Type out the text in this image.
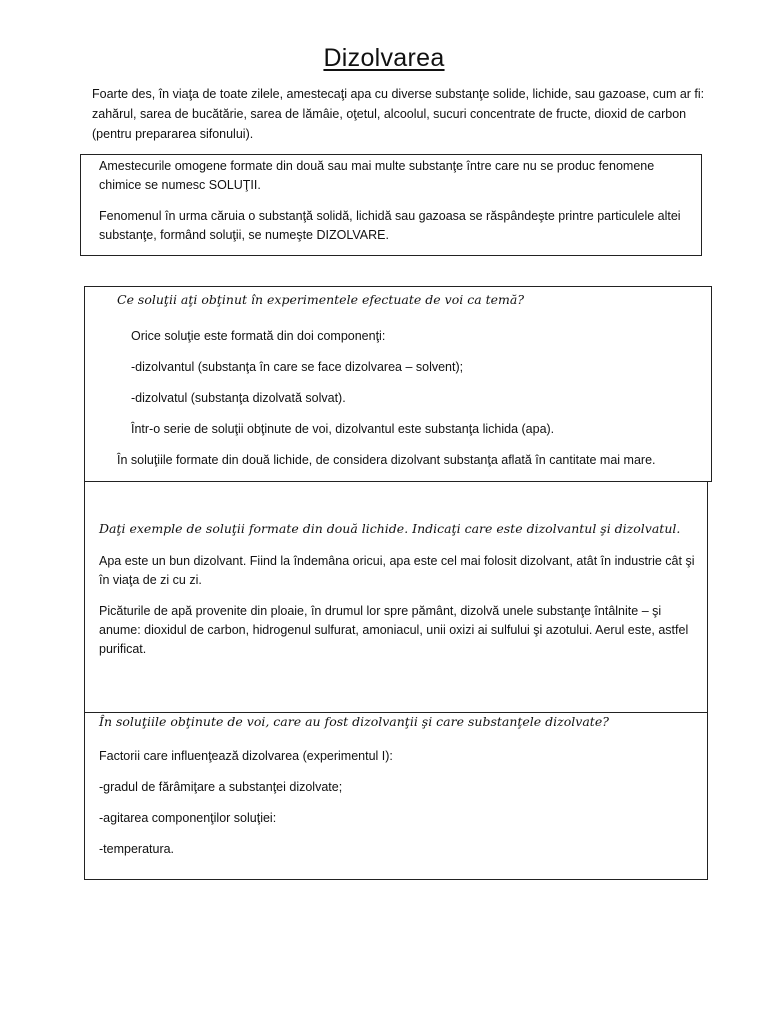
Dizolvarea
Foarte des, în viaţa de toate zilele, amestecaţi apa cu diverse substanţe solide, lichide, sau gazoase, cum ar fi: zahărul, sarea de bucătărie, sarea de lămâie, oţetul, alcoolul, sucuri concentrate de fructe, dioxid de carbon (pentru prepararea sifonului).

Amestecurile omogene formate din două sau mai multe substanţe între care nu se produc fenomene chimice se numesc SOLUŢII.

Fenomenul în urma căruia o substanţă solidă, lichidă sau gazoasa se răspândeşte printre particulele altei substanţe, formând soluţii, se numeşte DIZOLVARE.

Ce soluţii aţi obţinut în experimentele efectuate de voi ca temă?

Orice soluţie este formată din doi componenţi:

-dizolvantul (substanţa în care se face dizolvarea – solvent);

-dizolvatul (substanţa dizolvată solvat).

Într-o serie de soluţii obţinute de voi, dizolvantul este substanţa lichida (apa).

În soluţiile formate din două lichide, de considera dizolvant substanţa aflată în cantitate mai mare.

Daţi exemple de soluţii formate din două lichide. Indicaţi care este dizolvantul şi dizolvatul.

Apa este un bun dizolvant. Fiind la îndemâna oricui, apa este cel mai folosit dizolvant, atât în industrie cât şi în viaţa de zi cu zi.

Picăturile de apă provenite din ploaie, în drumul lor spre pământ, dizolvă unele substanţe întâlnite – şi anume: dioxidul de carbon, hidrogenul sulfurat, amoniacul, unii oxizi ai sulfului şi azotului. Aerul este, astfel purificat.

În soluţiile obţinute de voi, care au fost dizolvanţii şi care substanţele dizolvate?

Factorii care influenţează dizolvarea (experimentul I):

-gradul de fărâmiţare a substanţei dizolvate;

-agitarea componenţilor soluţiei:

-temperatura.
